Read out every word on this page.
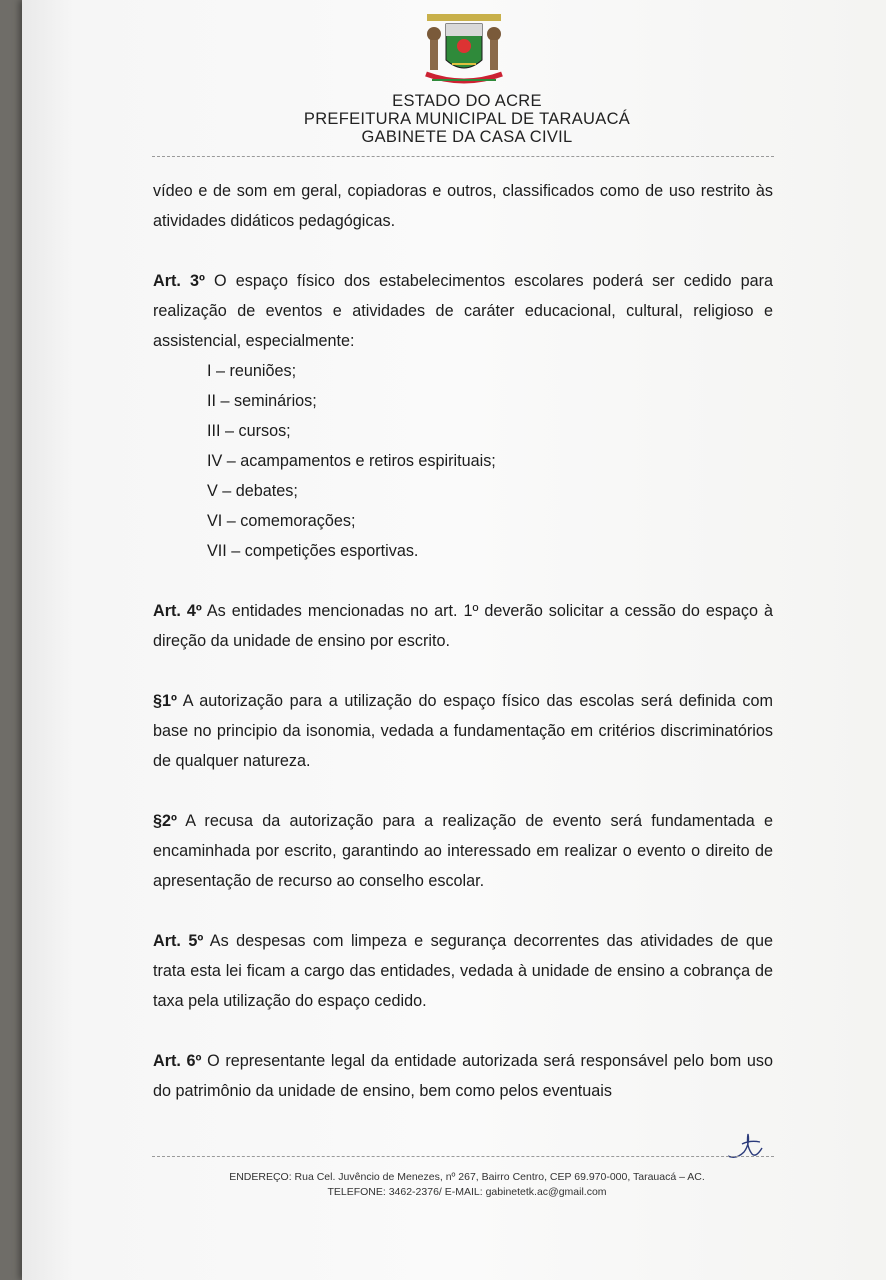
ESTADO DO ACRE
PREFEITURA MUNICIPAL DE TARAUACÁ
GABINETE DA CASA CIVIL

vídeo e de som em geral, copiadoras e outros, classificados como de uso restrito às atividades didáticos pedagógicas.

Art. 3º O espaço físico dos estabelecimentos escolares poderá ser cedido para realização de eventos e atividades de caráter educacional, cultural, religioso e assistencial, especialmente:

I – reuniões;
II – seminários;
III – cursos;
IV – acampamentos e retiros espirituais;
V – debates;
VI – comemorações;
VII – competições esportivas.

Art. 4º As entidades mencionadas no art. 1º deverão solicitar a cessão do espaço à direção da unidade de ensino por escrito.

§1º A autorização para a utilização do espaço físico das escolas será definida com base no principio da isonomia, vedada a fundamentação em critérios discriminatórios de qualquer natureza.

§2º A recusa da autorização para a realização de evento será fundamentada e encaminhada por escrito, garantindo ao interessado em realizar o evento o direito de apresentação de recurso ao conselho escolar.

Art. 5º As despesas com limpeza e segurança decorrentes das atividades de que trata esta lei ficam a cargo das entidades, vedada à unidade de ensino a cobrança de taxa pela utilização do espaço cedido.

Art. 6º O representante legal da entidade autorizada será responsável pelo bom uso do patrimônio da unidade de ensino, bem como pelos eventuais

ENDEREÇO: Rua Cel. Juvêncio de Menezes, nº 267, Bairro Centro, CEP 69.970-000, Tarauacá – AC.
TELEFONE: 3462-2376/ E-MAIL: gabinetetk.ac@gmail.com
